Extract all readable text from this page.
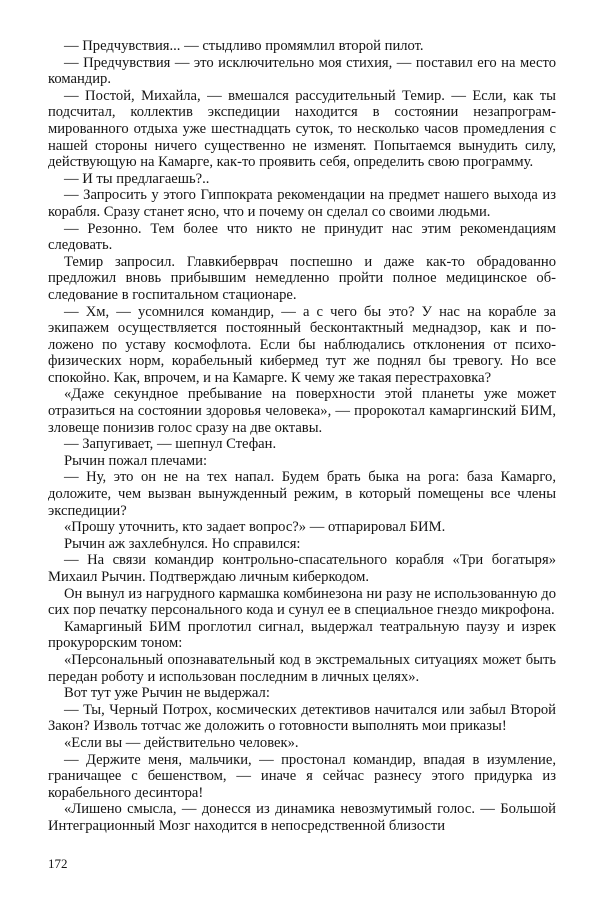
— Предчувствия... — стыдливо промямлил второй пилот.

— Предчувствия — это исключительно моя стихия, — поставил его на место командир.

— Постой, Михайла, — вмешался рассудительный Темир. — Если, как ты подсчитал, коллектив экспедиции находится в состоянии незапрограммированного отдыха уже шестнадцать суток, то несколько часов промедления с нашей стороны ничего существенно не изменят. Попытаемся вынудить силу, действующую на Камарге, как-то проявить себя, определить свою программу.

— И ты предлагаешь?..

— Запросить у этого Гиппократа рекомендации на предмет нашего выхода из корабля. Сразу станет ясно, что и почему он сделал со своими людьми.

— Резонно. Тем более что никто не принудит нас этим рекомендациям следовать.

Темир запросил. Главкиберврач поспешно и даже как-то обрадованно предложил вновь прибывшим немедленно пройти полное медицинское обследование в госпитальном стационаре.

— Хм, — усомнился командир, — а с чего бы это? У нас на корабле за экипажем осуществляется постоянный бесконтактный меднадзор, как и положено по уставу космофлота. Если бы наблюдались отклонения от психофизических норм, корабельный кибермед тут же поднял бы тревогу. Но все спокойно. Как, впрочем, и на Камарге. К чему же такая перестраховка?

«Даже секундное пребывание на поверхности этой планеты уже может отразиться на состоянии здоровья человека», — пророкотал камаргинский БИМ, зловеще понизив голос сразу на две октавы.

— Запугивает, — шепнул Стефан.

Рычин пожал плечами:

— Ну, это он не на тех напал. Будем брать быка на рога: база Камарго, доложите, чем вызван вынужденный режим, в который помещены все члены экспедиции?

«Прошу уточнить, кто задает вопрос?» — отпарировал БИМ.

Рычин аж захлебнулся. Но справился:

— На связи командир контрольно-спасательного корабля «Три богатыря» Михаил Рычин. Подтверждаю личным киберкодом.

Он вынул из нагрудного кармашка комбинезона ни разу не использованную до сих пор печатку персонального кода и сунул ее в специальное гнездо микрофона.

Камаргиный БИМ проглотил сигнал, выдержал театральную паузу и изрек прокурорским тоном:

«Персональный опознавательный код в экстремальных ситуациях может быть передан роботу и использован последним в личных целях».

Вот тут уже Рычин не выдержал:

— Ты, Черный Потрох, космических детективов начитался или забыл Второй Закон? Изволь тотчас же доложить о готовности выполнять мои приказы!

«Если вы — действительно человек».

— Держите меня, мальчики, — простонал командир, впадая в изумление, граничащее с бешенством, — иначе я сейчас разнесу этого придурка из корабельного десинтора!

«Лишено смысла, — донесся из динамика невозмутимый голос. — Большой Интеграционный Мозг находится в непосредственной близости

172
